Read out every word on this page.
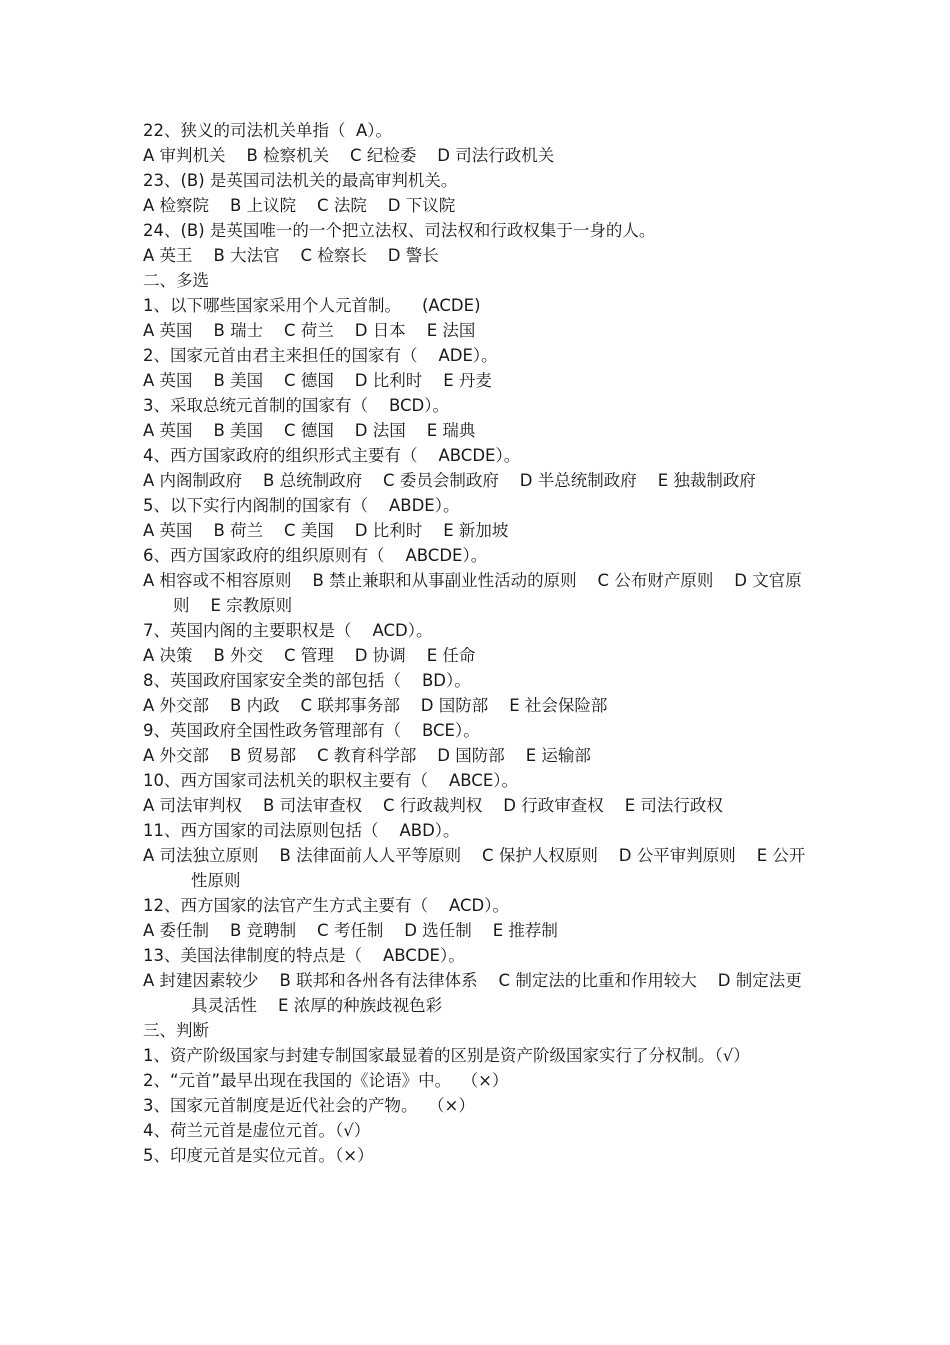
22、狭义的司法机关单指（  A）。
A 审判机关    B 检察机关    C 纪检委    D 司法行政机关
23、(B) 是英国司法机关的最高审判机关。
A 检察院    B 上议院    C 法院    D 下议院
24、(B) 是英国唯一的一个把立法权、司法权和行政权集于一身的人。
A 英王    B 大法官    C 检察长    D 警长
二、多选
1、以下哪些国家采用个人元首制。    (ACDE)
A 英国    B 瑞士    C 荷兰    D 日本    E 法国
2、国家元首由君主来担任的国家有（    ADE）。
A 英国    B 美国    C 德国    D 比利时    E 丹麦
3、采取总统元首制的国家有（    BCD）。
A 英国    B 美国    C 德国    D 法国    E 瑞典
4、西方国家政府的组织形式主要有（    ABCDE）。
A 内阁制政府    B 总统制政府    C 委员会制政府    D 半总统制政府    E 独裁制政府
5、以下实行内阁制的国家有（    ABDE）。
A 英国    B 荷兰    C 美国    D 比利时    E 新加坡
6、西方国家政府的组织原则有（    ABCDE）。
A 相容或不相容原则    B 禁止兼职和从事副业性活动的原则    C 公布财产原则    D 文官原则    E 宗教原则
7、英国内阁的主要职权是（    ACD）。
A 决策    B 外交    C 管理    D 协调    E 任命
8、英国政府国家安全类的部包括（    BD）。
A 外交部    B 内政    C 联邦事务部    D 国防部    E 社会保险部
9、英国政府全国性政务管理部有（    BCE）。
A 外交部    B 贸易部    C 教育科学部    D 国防部    E 运输部
10、西方国家司法机关的职权主要有（    ABCE）。
A 司法审判权    B 司法审查权    C 行政裁判权    D 行政审查权    E 司法行政权
11、西方国家的司法原则包括（    ABD）。
A 司法独立原则    B 法律面前人人平等原则    C 保护人权原则    D 公平审判原则    E 公开性原则
12、西方国家的法官产生方式主要有（    ACD）。
A 委任制    B 竞聘制    C 考任制    D 选任制    E 推荐制
13、美国法律制度的特点是（    ABCDE）。
A 封建因素较少    B 联邦和各州各有法律体系    C 制定法的比重和作用较大    D 制定法更具灵活性    E 浓厚的种族歧视色彩
三、判断
1、资产阶级国家与封建专制国家最显着的区别是资产阶级国家实行了分权制。（√）
2、“元首”最早出现在我国的《论语》中。  （×）
3、国家元首制度是近代社会的产物。  （×）
4、荷兰元首是虚位元首。（√）
5、印度元首是实位元首。（×）
